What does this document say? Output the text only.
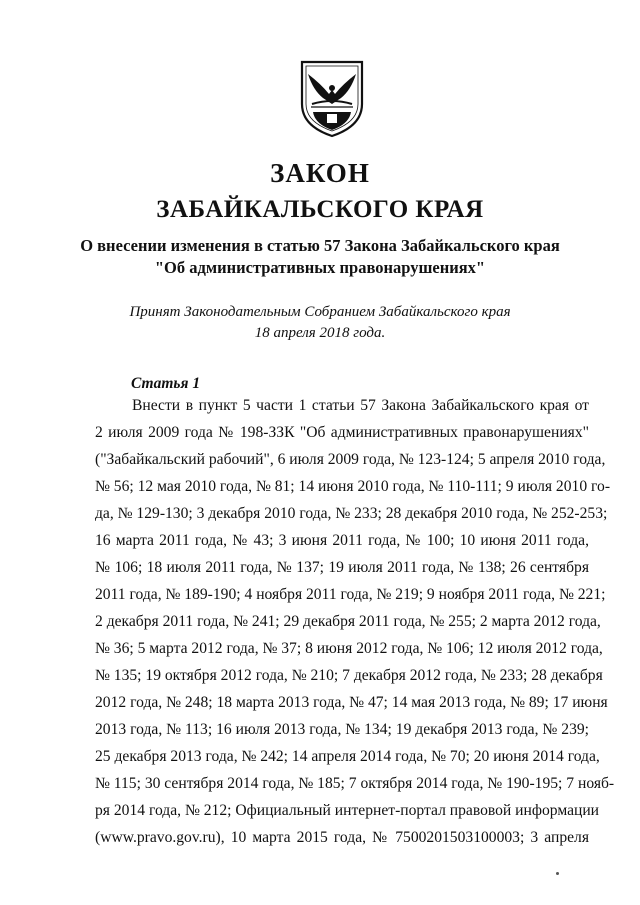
ЗАКОН
ЗАБАЙКАЛЬСКОГО КРАЯ
О внесении изменения в статью 57 Закона Забайкальского края
"Об административных правонарушениях"
Принят Законодательным Собранием Забайкальского края
18 апреля 2018 года.
Статья 1
Внести в пункт 5 части 1 статьи 57 Закона Забайкальского края от
2 июля 2009 года № 198-ЗЗК "Об административных правонарушениях"
("Забайкальский рабочий", 6 июля 2009 года, № 123-124; 5 апреля 2010 года,
№ 56; 12 мая 2010 года, № 81; 14 июня 2010 года, № 110-111; 9 июля 2010 го-
да, № 129-130; 3 декабря 2010 года, № 233; 28 декабря 2010 года, № 252-253;
16 марта 2011 года, № 43; 3 июня 2011 года, № 100; 10 июня 2011 года,
№ 106; 18 июля 2011 года, № 137; 19 июля 2011 года, № 138; 26 сентября
2011 года, № 189-190; 4 ноября 2011 года, № 219; 9 ноября 2011 года, № 221;
2 декабря 2011 года, № 241; 29 декабря 2011 года, № 255; 2 марта 2012 года,
№ 36; 5 марта 2012 года, № 37; 8 июня 2012 года, № 106; 12 июля 2012 года,
№ 135; 19 октября 2012 года, № 210; 7 декабря 2012 года, № 233; 28 декабря
2012 года, № 248; 18 марта 2013 года, № 47; 14 мая 2013 года, № 89; 17 июня
2013 года, № 113; 16 июля 2013 года, № 134; 19 декабря 2013 года, № 239;
25 декабря 2013 года, № 242; 14 апреля 2014 года, № 70; 20 июня 2014 года,
№ 115; 30 сентября 2014 года, № 185; 7 октября 2014 года, № 190-195; 7 нояб-
ря 2014 года, № 212; Официальный интернет-портал правовой информации
(www.pravo.gov.ru), 10 марта 2015 года, № 7500201503100003; 3 апреля
